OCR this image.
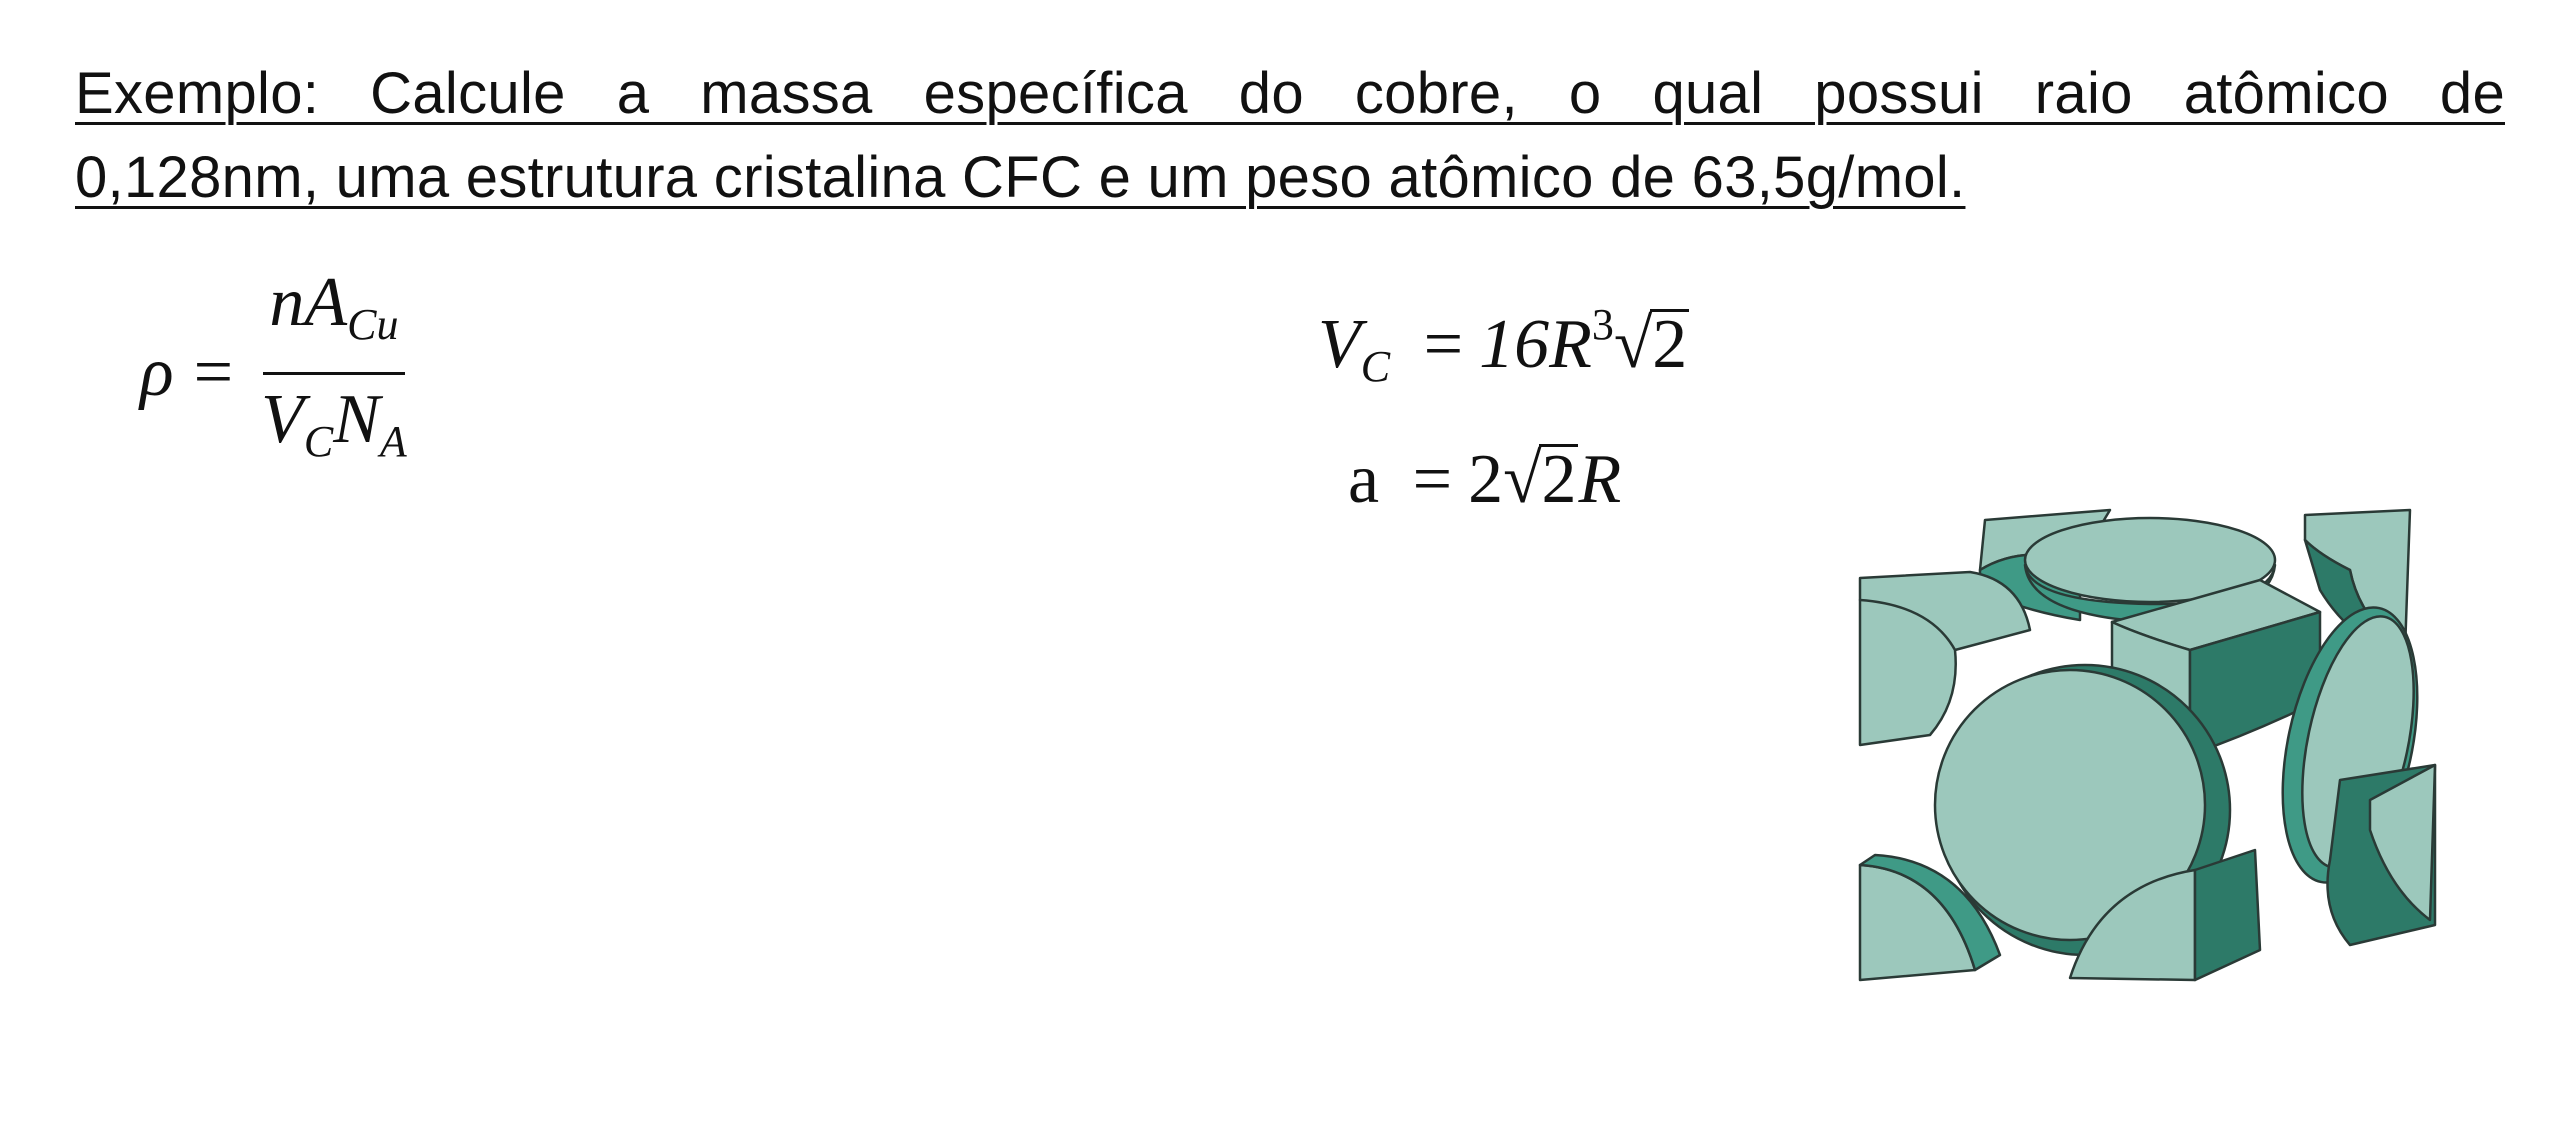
Exemplo: Calcule a massa específica do cobre, o qual possui raio atômico de
0,128nm, uma estrutura cristalina CFC e um peso atômico de 63,5g/mol.
$\rho = \frac{nA_{Cu}}{V_CN_A}$	$V_C = 16R^3√2$
a = 2√2R
